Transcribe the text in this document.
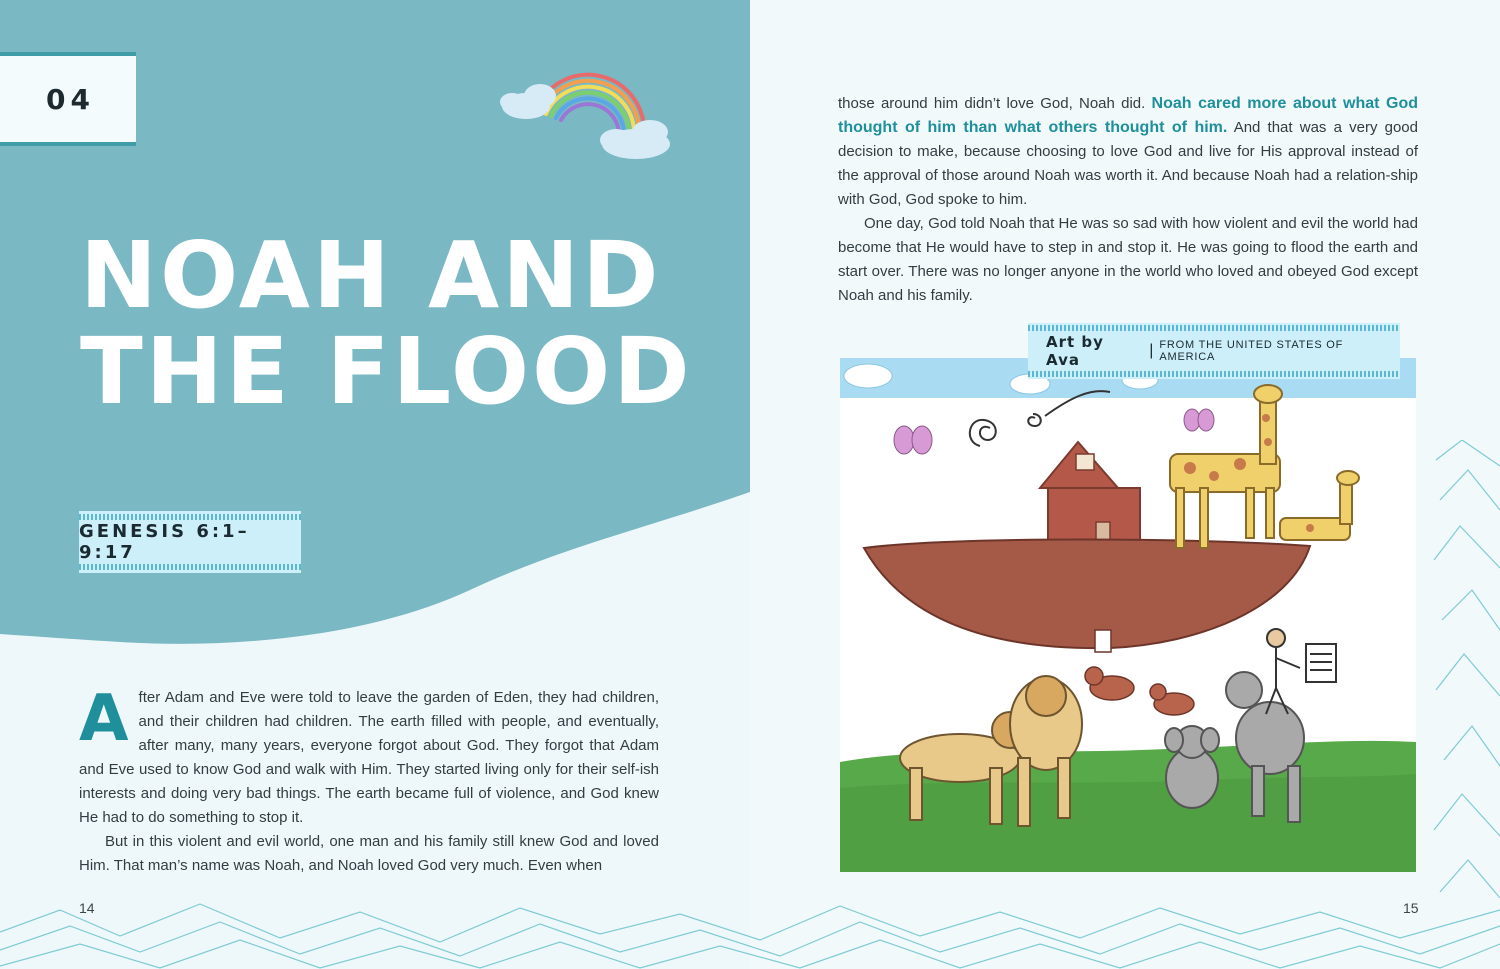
04
NOAH AND
THE FLOOD
GENESIS 6:1–9:17

After Adam and Eve were told to leave the garden of Eden, they had children, and their children had children. The earth filled with people, and eventually, after many, many years, everyone forgot about God. They forgot that Adam and Eve used to know God and walk with Him. They started living only for their self-ish interests and doing very bad things. The earth became full of violence, and God knew He had to do something to stop it.

But in this violent and evil world, one man and his family still knew God and loved Him. That man’s name was Noah, and Noah loved God very much. Even when

14

those around him didn’t love God, Noah did. Noah cared more about what God thought of him than what others thought of him. And that was a very good decision to make, because choosing to love God and live for His approval instead of the approval of those around Noah was worth it. And because Noah had a relation-ship with God, God spoke to him.

One day, God told Noah that He was so sad with how violent and evil the world had become that He would have to step in and stop it. He was going to flood the earth and start over. There was no longer anyone in the world who loved and obeyed God except Noah and his family.

Art by Ava
| FROM THE UNITED STATES OF AMERICA
15
